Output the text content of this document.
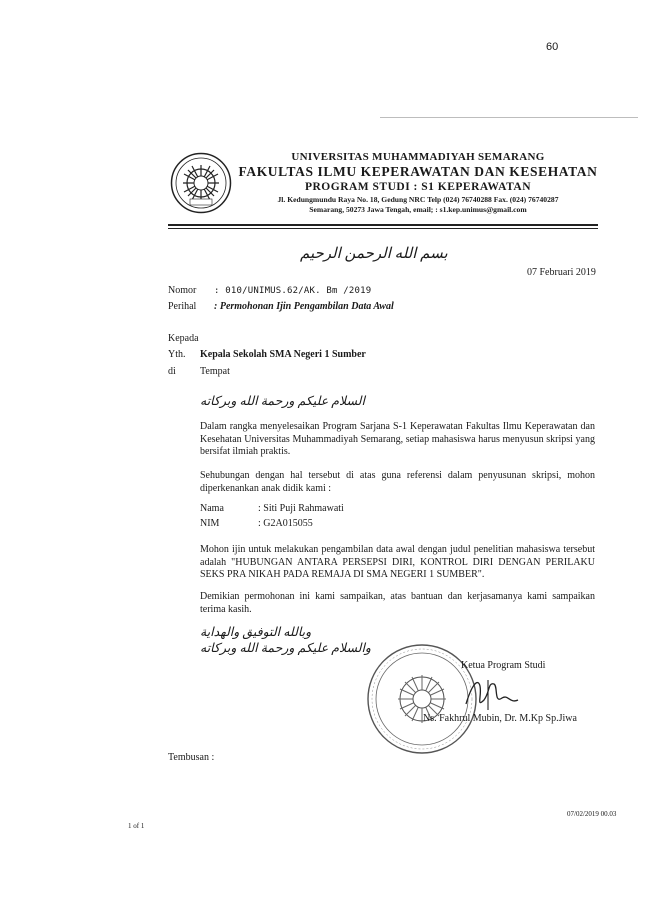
60
UNIVERSITAS MUHAMMADIYAH SEMARANG
FAKULTAS ILMU KEPERAWATAN DAN KESEHATAN
PROGRAM STUDI : S1 KEPERAWATAN
Jl. Kedungmundu Raya No. 18, Gedung NRC Telp (024) 76740288 Fax. (024) 76740287
Semarang, 50273 Jawa Tengah, email; : s1.kep.unimus@gmail.com
بسم الله الرحمن الرحيم
07 Februari 2019
Nomor : 010/UNIMUS.62/AK. Bm /2019
Perihal : Permohonan Ijin Pengambilan Data Awal
Kepada
Yth. Kepala Sekolah SMA Negeri 1 Sumber
di Tempat
السلام عليكم ورحمة الله وبركاته
Dalam rangka menyelesaikan Program Sarjana S-1 Keperawatan Fakultas Ilmu Keperawatan dan Kesehatan Universitas Muhammadiyah Semarang, setiap mahasiswa harus menyusun skripsi yang bersifat ilmiah praktis.
Sehubungan dengan hal tersebut di atas guna referensi dalam penyusunan skripsi, mohon diperkenankan anak didik kami :
Nama	: Siti Puji Rahmawati
NIM	: G2A015055
Mohon ijin untuk melakukan pengambilan data awal dengan judul penelitian mahasiswa tersebut adalah "HUBUNGAN ANTARA PERSEPSI DIRI, KONTROL DIRI DENGAN PERILAKU SEKS PRA NIKAH PADA REMAJA DI SMA NEGERI 1 SUMBER".
Demikian permohonan ini kami sampaikan, atas bantuan dan kerjasamanya kami sampaikan terima kasih.
وبالله التوفيق والهداية
والسلام عليكم ورحمة الله وبركاته
Ketua Program Studi
Ns. Fakhrul Mubin, Dr. M.Kp Sp.Jiwa
Tembusan :
1 of 1
07/02/2019 00.03
